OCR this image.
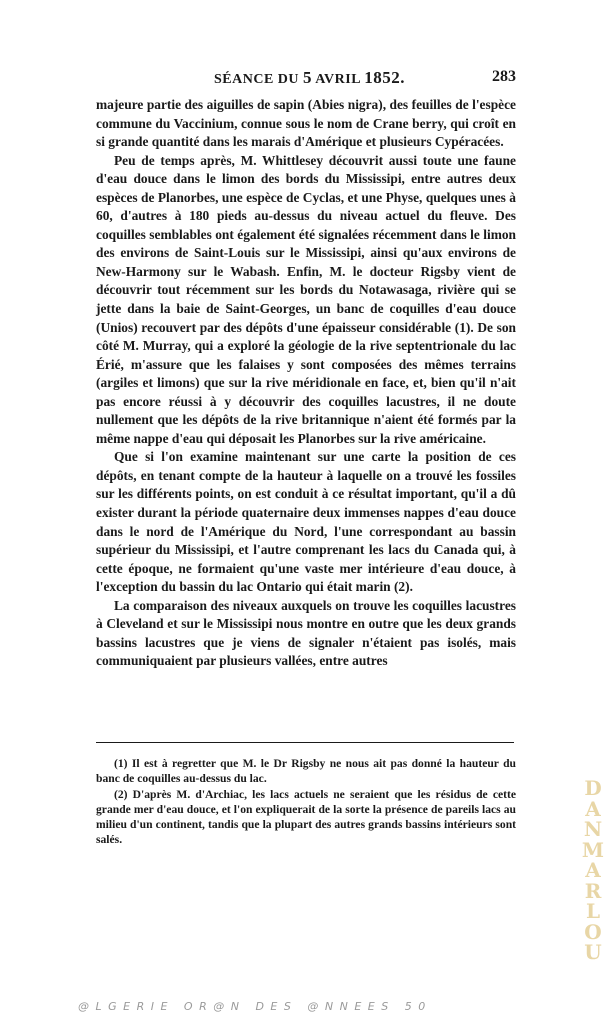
SÉANCE DU 5 AVRIL 1852.	283

majeure partie des aiguilles de sapin (Abies nigra), des feuilles de l'espèce commune du Vaccinium, connue sous le nom de Crane berry, qui croît en si grande quantité dans les marais d'Amérique et plusieurs Cypéracées.

Peu de temps après, M. Whittlesey découvrit aussi toute une faune d'eau douce dans le limon des bords du Mississipi, entre autres deux espèces de Planorbes, une espèce de Cyclas, et une Physe, quelques unes à 60, d'autres à 180 pieds au-dessus du niveau actuel du fleuve. Des coquilles semblables ont également été signalées récemment dans le limon des environs de Saint-Louis sur le Mississipi, ainsi qu'aux environs de New-Harmony sur le Wabash. Enfin, M. le docteur Rigsby vient de découvrir tout récemment sur les bords du Notawasaga, rivière qui se jette dans la baie de Saint-Georges, un banc de coquilles d'eau douce (Unios) recouvert par des dépôts d'une épaisseur considérable (1). De son côté M. Murray, qui a exploré la géologie de la rive septentrionale du lac Érié, m'assure que les falaises y sont composées des mêmes terrains (argiles et limons) que sur la rive méridionale en face, et, bien qu'il n'ait pas encore réussi à y découvrir des coquilles lacustres, il ne doute nullement que les dépôts de la rive britannique n'aient été formés par la même nappe d'eau qui déposait les Planorbes sur la rive américaine.

Que si l'on examine maintenant sur une carte la position de ces dépôts, en tenant compte de la hauteur à laquelle on a trouvé les fossiles sur les différents points, on est conduit à ce résultat important, qu'il a dû exister durant la période quaternaire deux immenses nappes d'eau douce dans le nord de l'Amérique du Nord, l'une correspondant au bassin supérieur du Mississipi, et l'autre comprenant les lacs du Canada qui, à cette époque, ne formaient qu'une vaste mer intérieure d'eau douce, à l'exception du bassin du lac Ontario qui était marin (2).

La comparaison des niveaux auxquels on trouve les coquilles lacustres à Cleveland et sur le Mississipi nous montre en outre que les deux grands bassins lacustres que je viens de signaler n'étaient pas isolés, mais communiquaient par plusieurs vallées, entre autres

(1) Il est à regretter que M. le Dr Rigsby ne nous ait pas donné la hauteur du banc de coquilles au-dessus du lac.

(2) D'après M. d'Archiac, les lacs actuels ne seraient que les résidus de cette grande mer d'eau douce, et l'on expliquerait de la sorte la présence de pareils lacs au milieu d'un continent, tandis que la plupart des autres grands bassins intérieurs sont salés.

D
A
N
M
A
R
L
O
U
@LGERIE OR@N DES @NNEES 50
